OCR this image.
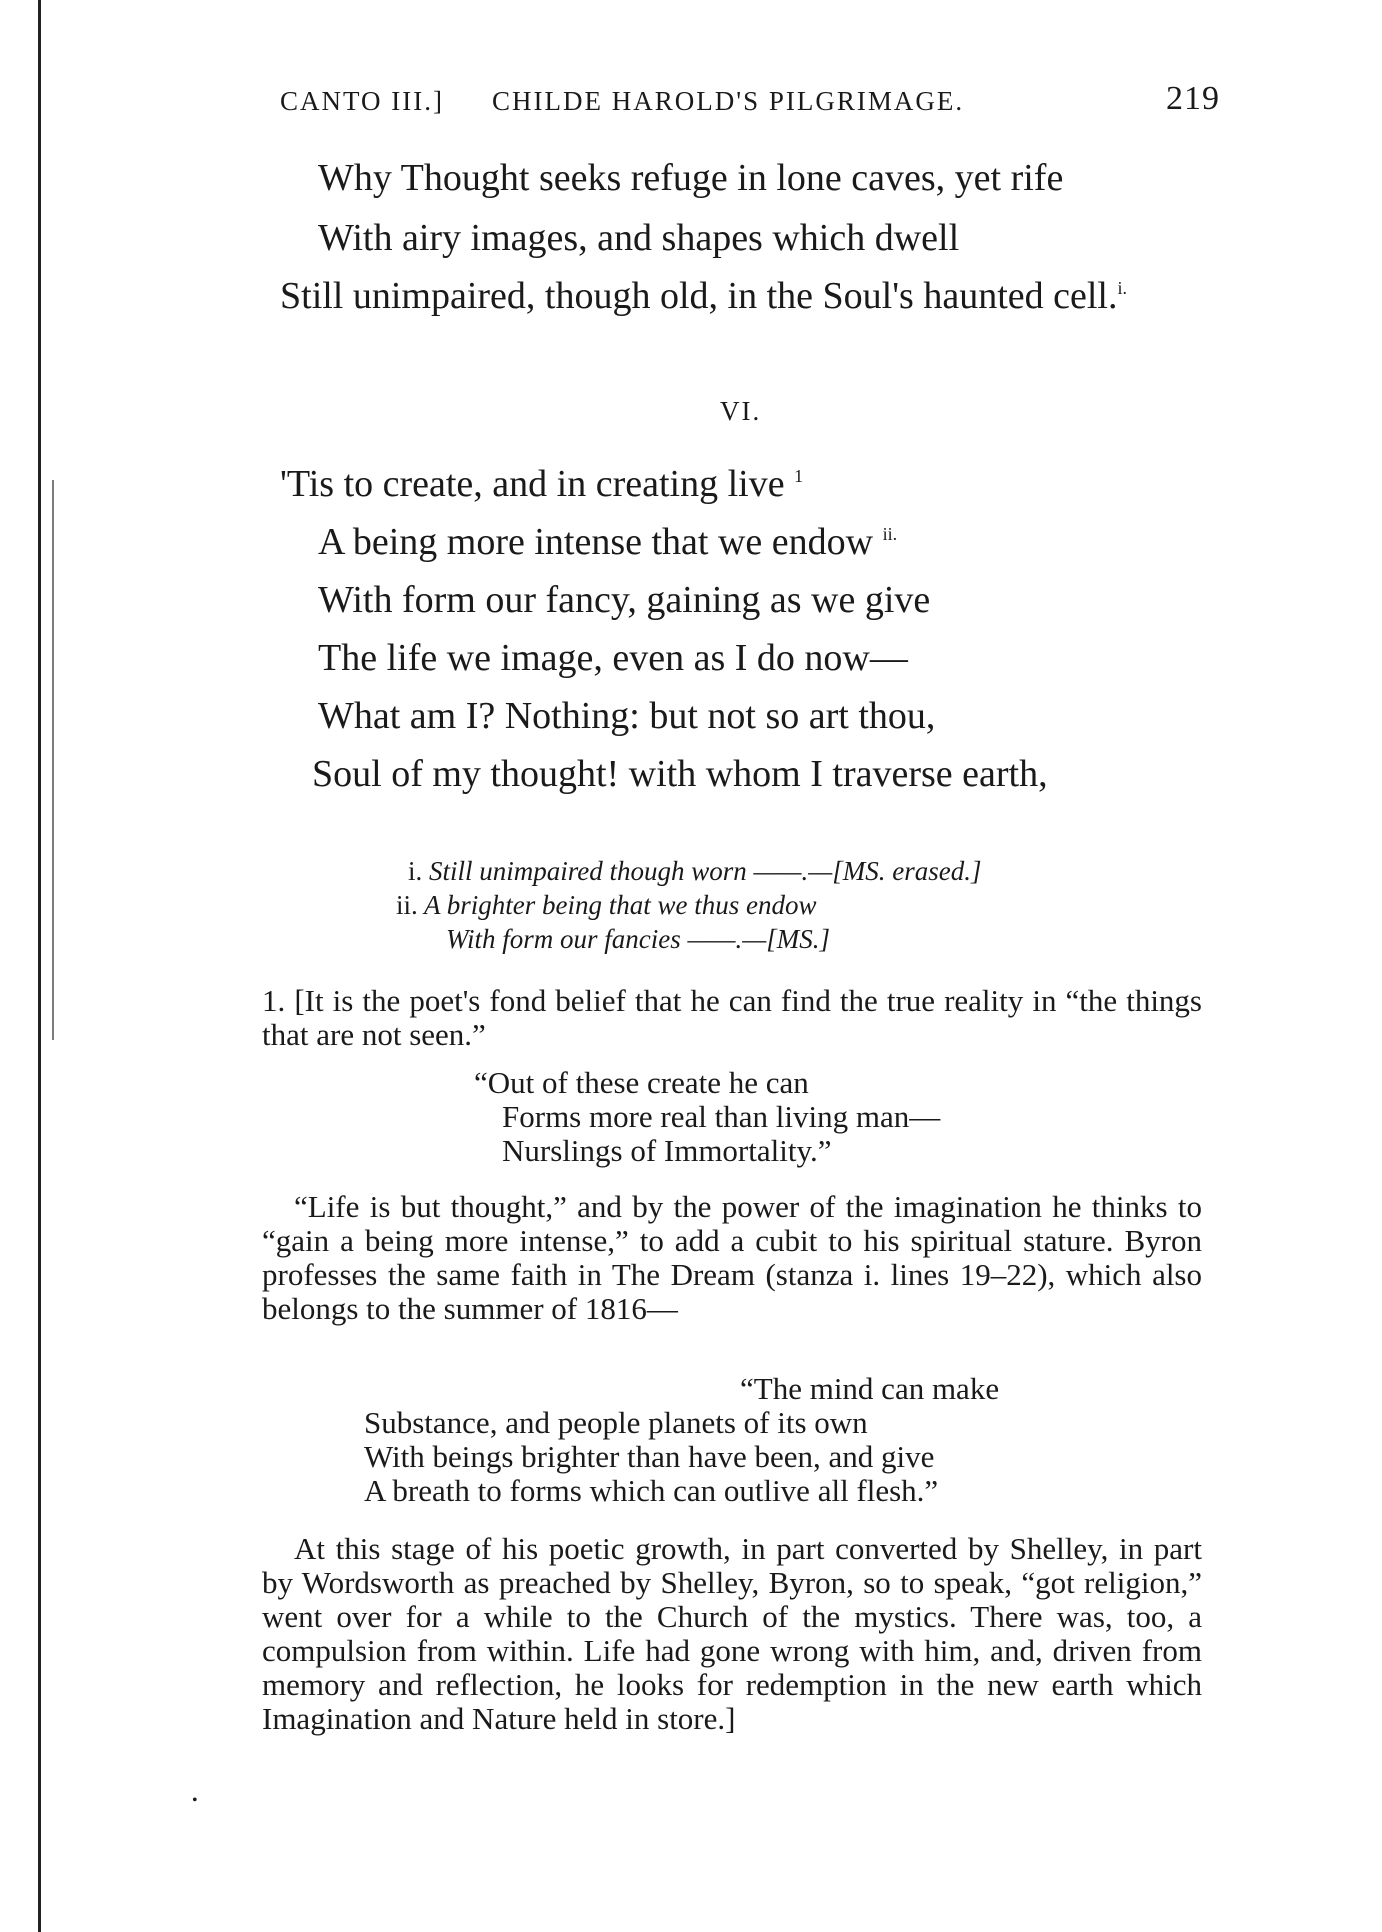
CANTO III.] CHILDE HAROLD'S PILGRIMAGE.	219
Why Thought seeks refuge in lone caves, yet rife
With airy images, and shapes which dwell
Still unimpaired, though old, in the Soul's haunted cell.$^{i.}$
VI.
'Tis to create, and in creating live $^1$
A being more intense that we endow $^{ii.}$
With form our fancy, gaining as we give
The life we image, even as I do now—
What am I? Nothing: but not so art thou,
Soul of my thought! with whom I traverse earth,
i. Still unimpaired though worn ——.—[MS. erased.]
ii. A brighter being that we thus endow
With form our fancies ——.—[MS.]
1. [It is the poet's fond belief that he can find the true reality in “the things that are not seen.”
“Out of these create he can
Forms more real than living man—
Nurslings of Immortality.”
“Life is but thought,” and by the power of the imagination he thinks to “gain a being more intense,” to add a cubit to his spiritual stature. Byron professes the same faith in The Dream (stanza i. lines 19–22), which also belongs to the summer of 1816—
“The mind can make
Substance, and people planets of its own
With beings brighter than have been, and give
A breath to forms which can outlive all flesh.”
At this stage of his poetic growth, in part converted by Shelley, in part by Wordsworth as preached by Shelley, Byron, so to speak, “got religion,” went over for a while to the Church of the mystics. There was, too, a compulsion from within. Life had gone wrong with him, and, driven from memory and reflection, he looks for redemption in the new earth which Imagination and Nature held in store.]
•
